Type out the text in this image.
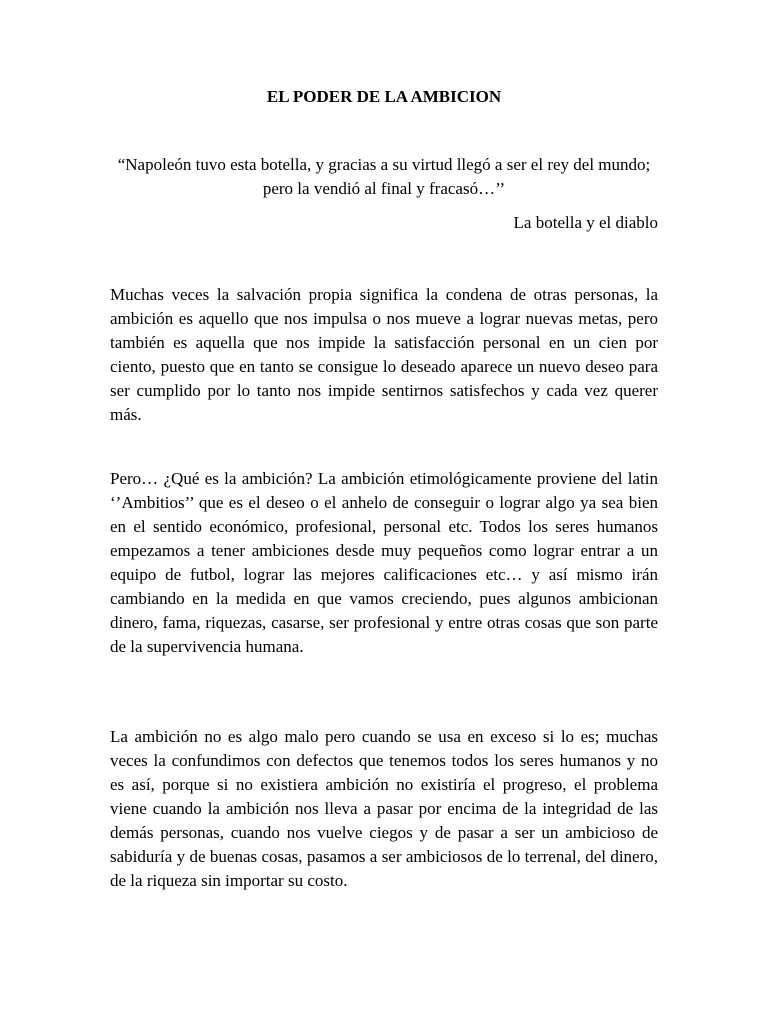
EL PODER DE LA AMBICION

“Napoleón tuvo esta botella, y gracias a su virtud llegó a ser el rey del mundo; pero la vendió al final y fracasó…’’

La botella y el diablo

Muchas veces la salvación propia significa la condena de otras personas, la ambición es aquello que nos impulsa o nos mueve a lograr nuevas metas, pero también es aquella que nos impide la satisfacción personal en un cien por ciento, puesto que en tanto se consigue lo deseado aparece un nuevo deseo para ser cumplido por lo tanto nos impide sentirnos satisfechos y cada vez querer más.

Pero… ¿Qué es la ambición? La ambición etimológicamente proviene del latin ‘’Ambitios’’ que es el deseo o el anhelo de conseguir o lograr algo ya sea bien en el sentido económico, profesional, personal etc. Todos los seres humanos empezamos a tener ambiciones desde muy pequeños como lograr entrar a un equipo de futbol, lograr las mejores calificaciones etc… y así mismo irán cambiando en la medida en que vamos creciendo, pues algunos ambicionan dinero, fama, riquezas, casarse, ser profesional y entre otras cosas que son parte de la supervivencia humana.

La ambición no es algo malo pero cuando se usa en exceso si lo es; muchas veces la confundimos con defectos que tenemos todos los seres humanos y no es así, porque si no existiera ambición no existiría el progreso, el problema viene cuando la ambición nos lleva a pasar por encima de la integridad de las demás personas, cuando nos vuelve ciegos y de pasar a ser un ambicioso de sabiduría y de buenas cosas, pasamos a ser ambiciosos de lo terrenal, del dinero, de la riqueza sin importar su costo.
